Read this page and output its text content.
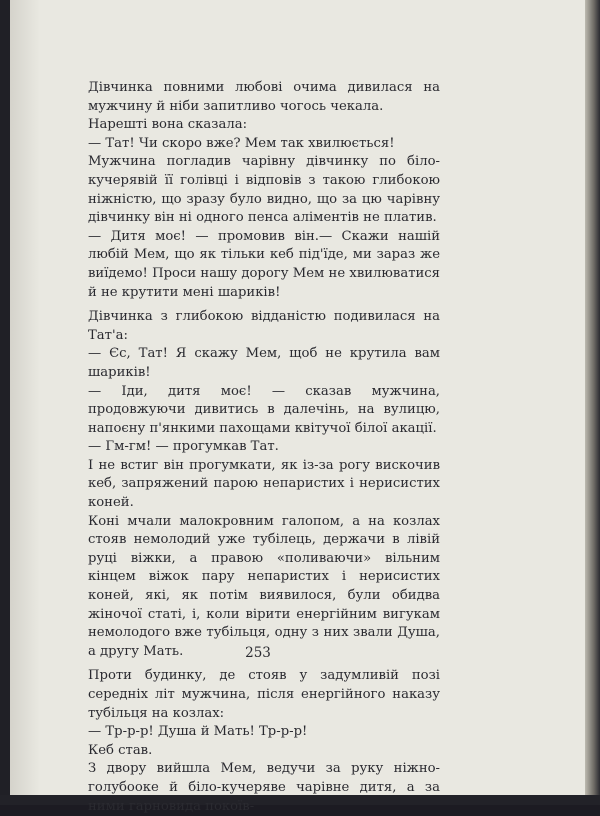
Дівчинка повними любові очима дивилася на мужчину й ніби запитливо чогось чекала.

Нарешті вона сказала:

— Тат! Чи скоро вже? Мем так хвилюється!

Мужчина погладив чарівну дівчинку по біло-кучерявій її голівці і відповів з такою глибокою ніжністю, що зразу було видно, що за цю чарівну дівчинку він ні одного пенса аліментів не платив.

— Дитя моє! — промовив він.— Скажи нашій любій Мем, що як тільки кеб під'їде, ми зараз же виїдемо! Проси нашу дорогу Мем не хвилюватися й не крутити мені шариків!

Дівчинка з глибокою відданістю подивилася на Тат'а:

— Єс, Тат! Я скажу Мем, щоб не крутила вам шариків!

— Іди, дитя моє! — сказав мужчина, продовжуючи дивитись в далечінь, на вулицю, напоєну п'янкими пахощами квітучої білої акації.

— Гм-гм! — прогумкав Тат.

І не встиг він прогумкати, як із-за рогу вискочив кеб, запряжений парою непаристих і нерисистих коней.

Коні мчали малокровним галопом, а на козлах стояв немолодий уже тубілець, держачи в лівій руці віжки, а правою «поливаючи» вільним кінцем віжок пару непаристих і нерисистих коней, які, як потім виявилося, були обидва жіночої статі, і, коли вірити енергійним вигукам немолодого вже тубільця, одну з них звали Душа, а другу Мать.

Проти будинку, де стояв у задумливій позі середніх літ мужчина, після енергійного наказу тубільця на козлах:

— Тр-р-р! Душа й Мать! Тр-р-р!

Кеб став.

З двору вийшла Мем, ведучи за руку ніжно-голубооке й біло-кучеряве чарівне дитя, а за ними гарновида покоїв-

253
